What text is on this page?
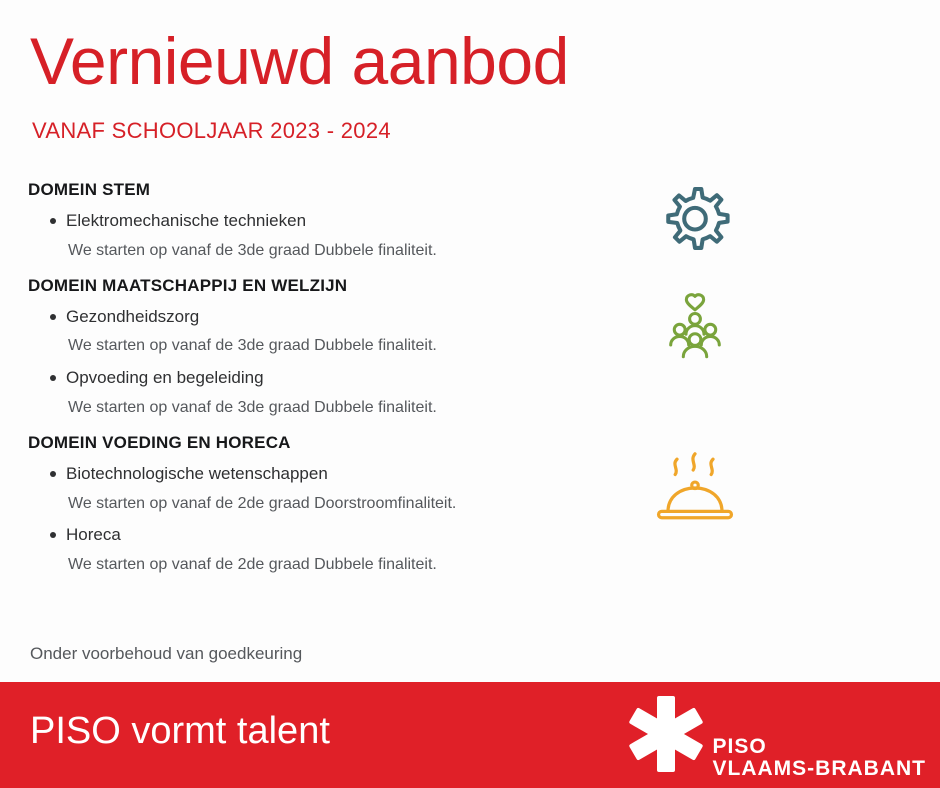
Vernieuwd aanbod
VANAF SCHOOLJAAR 2023 - 2024
DOMEIN STEM
Elektromechanische technieken
We starten op vanaf de 3de graad Dubbele finaliteit.
DOMEIN MAATSCHAPPIJ EN WELZIJN
Gezondheidszorg
We starten op vanaf de 3de graad Dubbele finaliteit.
Opvoeding en begeleiding
We starten op vanaf de 3de graad Dubbele finaliteit.
DOMEIN VOEDING EN HORECA
Biotechnologische wetenschappen
We starten op vanaf de 2de graad Doorstroomfinaliteit.
Horeca
We starten op vanaf de 2de graad Dubbele finaliteit.
Onder voorbehoud van goedkeuring
PISO vormt talent	PISO
VLAAMS-BRABANT
